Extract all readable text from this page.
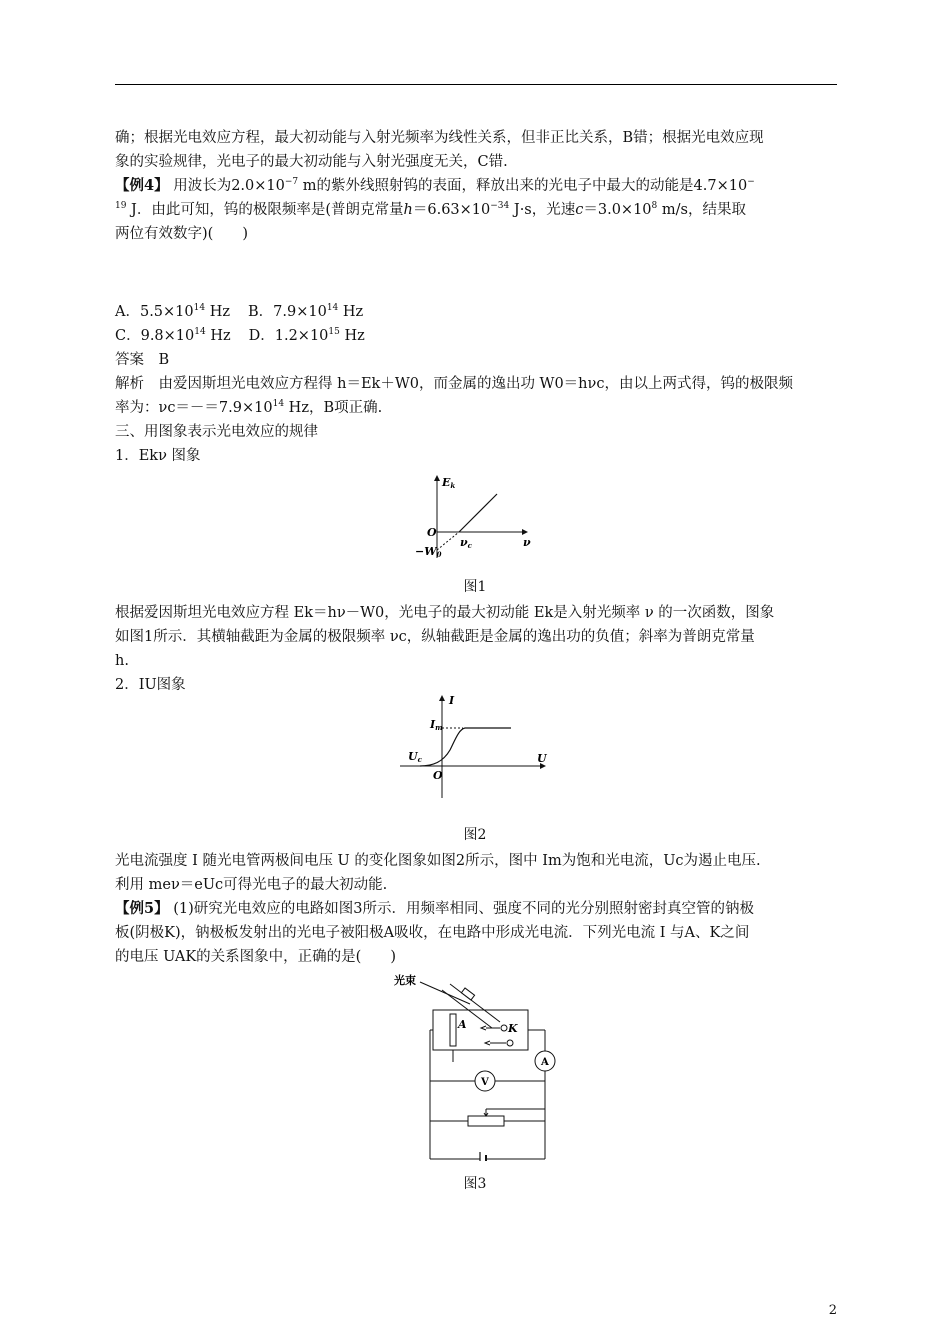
确；根据光电效应方程，最大初动能与入射光频率为线性关系，但非正比关系，B错；根据光电效应现
象的实验规律，光电子的最大初动能与入射光强度无关，C错.
【例4】 用波长为$2.0\times 10^{-7}$ m的紫外线照射钨的表面，释放出来的光电子中最大的动能是4.7×10−
$^{19}$ J．由此可知，钨的极限频率是(普朗克常量$h=6.63\times 10^{-34}$ J·s，光速$c=3.0\times 10^8$ m/s，结果取
两位有效数字)(　　)
A．$5.5\times 10^{14}$ Hz B．$7.9\times 10^{14}$ Hz
C．$9.8\times 10^{14}$ Hz D．$1.2\times 10^{15}$ Hz
答案　B
解析　由爱因斯坦光电效应方程得 h＝Ek＋W0，而金属的逸出功 W0＝hνc，由以上两式得，钨的极限频
率为：$\nu c=-=7.9\times 10^{14}$ Hz，B项正确.
三、用图象表示光电效应的规律
1．Ekν 图象
Ek
O
−W0
νc	ν
图1
根据爱因斯坦光电效应方程 Ek＝hν－W0，光电子的最大初动能 Ek是入射光频率 ν 的一次函数，图象
如图1所示．其横轴截距为金属的极限频率 νc，纵轴截距是金属的逸出功的负值；斜率为普朗克常量
h.
2．IU图象
I
Im
Uc
O
U
图2
光电流强度 I 随光电管两极间电压 U 的变化图象如图2所示，图中 Im为饱和光电流，Uc为遏止电压.
利用 meν＝eUc可得光电子的最大初动能.
【例5】 (1)研究光电效应的电路如图3所示．用频率相同、强度不同的光分别照射密封真空管的钠极
板(阴极K)，钠极板发射出的光电子被阳极A吸收，在电路中形成光电流．下列光电流 I 与A、K之间
的电压 UAK的关系图象中，正确的是(　　)
光束
A	K
A
V
图3
2
